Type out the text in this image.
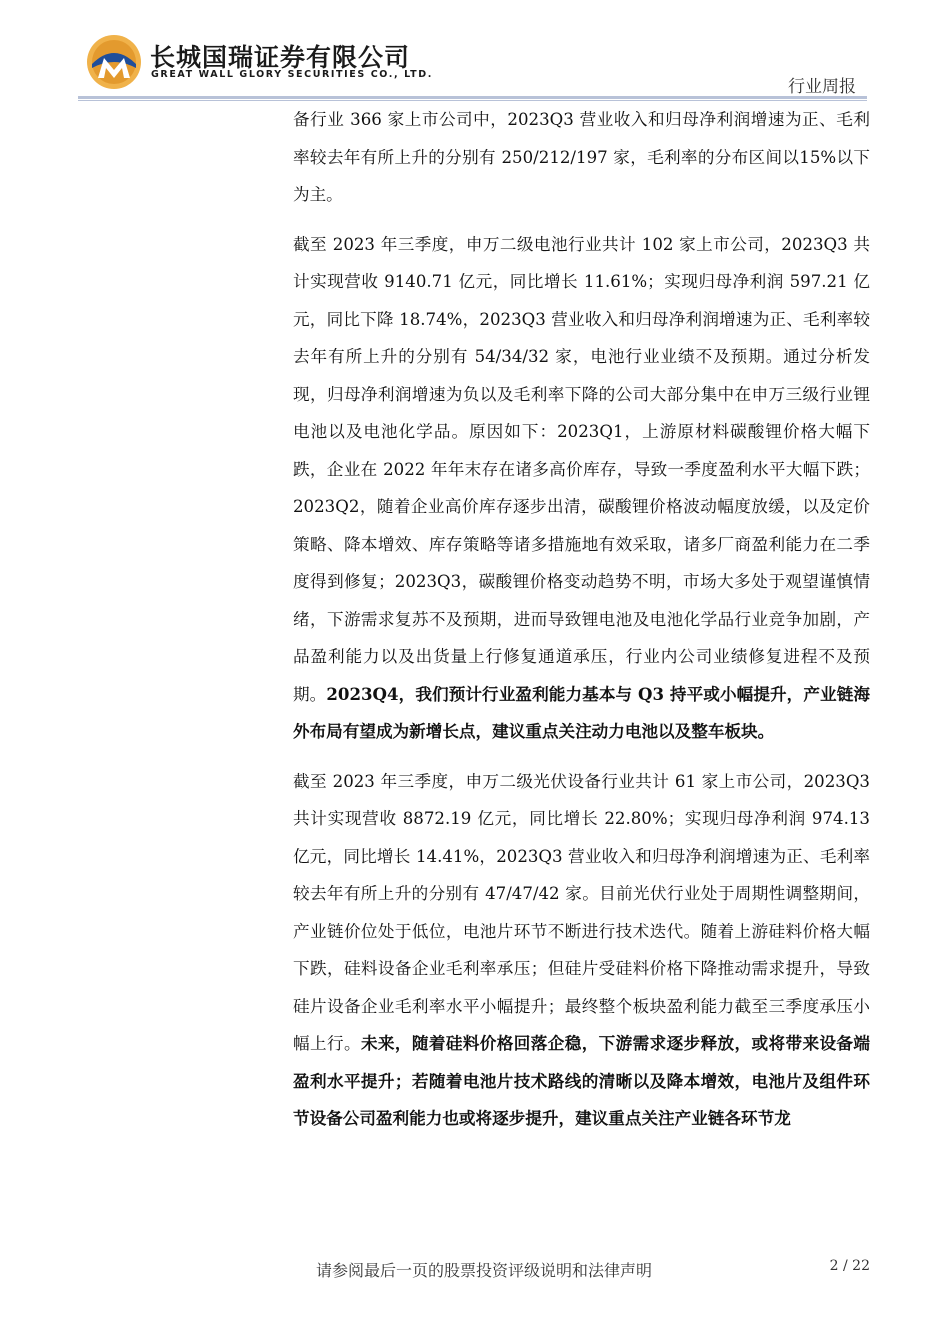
长城国瑞证券有限公司
GREAT WALL GLORY SECURITIES CO., LTD.
行业周报

备行业 366 家上市公司中，2023Q3 营业收入和归母净利润增速为正、毛利率较去年有所上升的分别有 250/212/197 家，毛利率的分布区间以15%以下为主。

截至 2023 年三季度，申万二级电池行业共计 102 家上市公司，2023Q3 共计实现营收 9140.71 亿元，同比增长 11.61%；实现归母净利润 597.21 亿元，同比下降 18.74%，2023Q3 营业收入和归母净利润增速为正、毛利率较去年有所上升的分别有 54/34/32 家，电池行业业绩不及预期。通过分析发现，归母净利润增速为负以及毛利率下降的公司大部分集中在申万三级行业锂电池以及电池化学品。原因如下：2023Q1，上游原材料碳酸锂价格大幅下跌，企业在 2022 年年末存在诸多高价库存，导致一季度盈利水平大幅下跌；2023Q2，随着企业高价库存逐步出清，碳酸锂价格波动幅度放缓，以及定价策略、降本增效、库存策略等诸多措施地有效采取，诸多厂商盈利能力在二季度得到修复；2023Q3，碳酸锂价格变动趋势不明，市场大多处于观望谨慎情绪，下游需求复苏不及预期，进而导致锂电池及电池化学品行业竞争加剧，产品盈利能力以及出货量上行修复通道承压，行业内公司业绩修复进程不及预期。2023Q4，我们预计行业盈利能力基本与 Q3 持平或小幅提升，产业链海外布局有望成为新增长点，建议重点关注动力电池以及整车板块。

截至 2023 年三季度，申万二级光伏设备行业共计 61 家上市公司，2023Q3 共计实现营收 8872.19 亿元，同比增长 22.80%；实现归母净利润 974.13 亿元，同比增长 14.41%，2023Q3 营业收入和归母净利润增速为正、毛利率较去年有所上升的分别有 47/47/42 家。目前光伏行业处于周期性调整期间，产业链价位处于低位，电池片环节不断进行技术迭代。随着上游硅料价格大幅下跌，硅料设备企业毛利率承压；但硅片受硅料价格下降推动需求提升，导致硅片设备企业毛利率水平小幅提升；最终整个板块盈利能力截至三季度承压小幅上行。未来，随着硅料价格回落企稳，下游需求逐步释放，或将带来设备端盈利水平提升；若随着电池片技术路线的清晰以及降本增效，电池片及组件环节设备公司盈利能力也或将逐步提升，建议重点关注产业链各环节龙

请参阅最后一页的股票投资评级说明和法律声明	2 / 22
